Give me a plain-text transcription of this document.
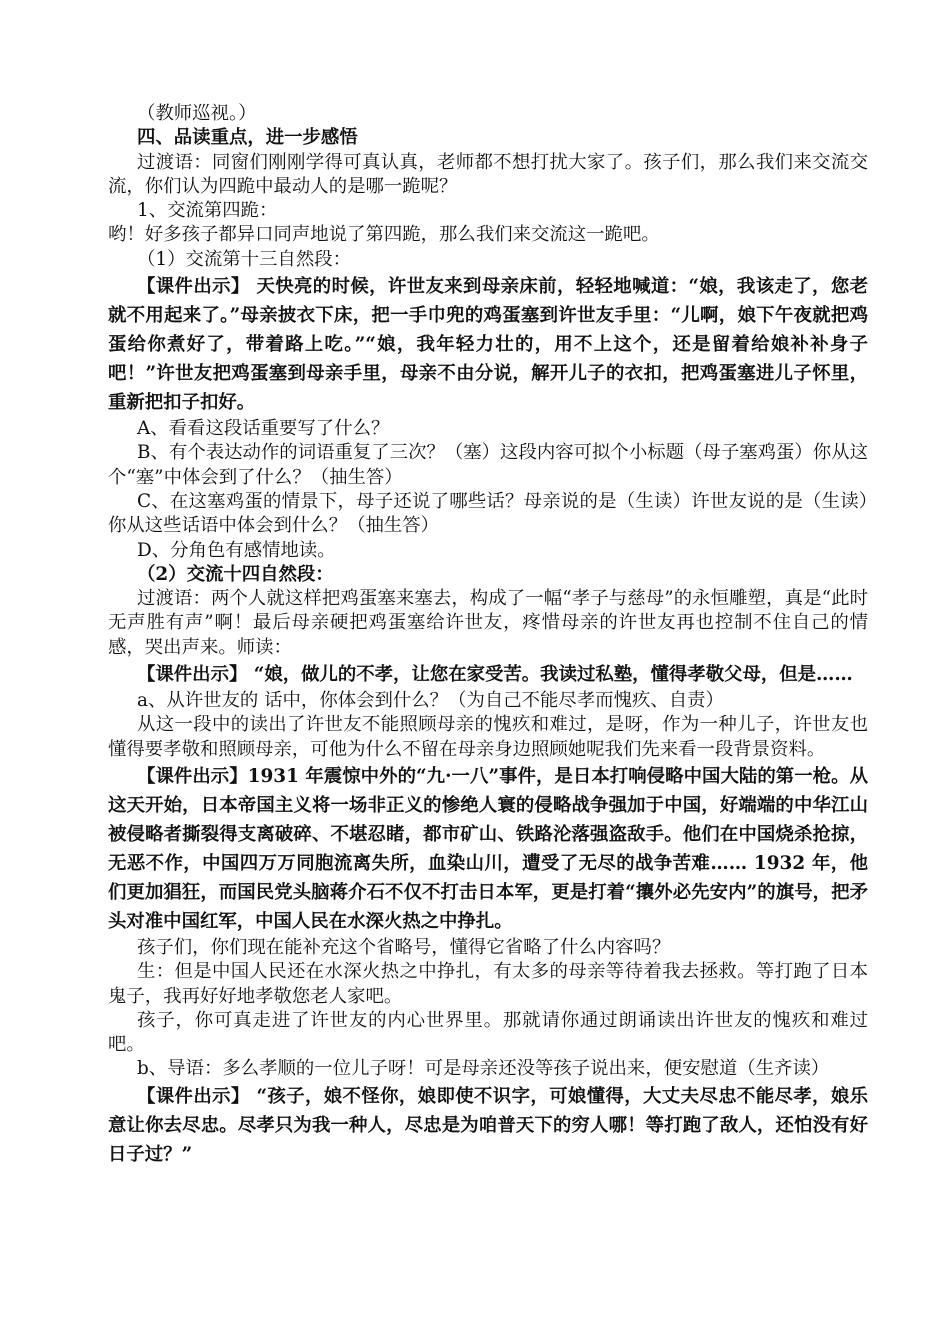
（教师巡视。）

四、品读重点，进一步感悟

过渡语：同窗们刚刚学得可真认真，老师都不想打扰大家了。孩子们，那么我们来交流交流，你们认为四跪中最动人的是哪一跪呢？

1、交流第四跪：

哟！好多孩子都异口同声地说了第四跪，那么我们来交流这一跪吧。

（1）交流第十三自然段：

【课件出示】 天快亮的时候，许世友来到母亲床前，轻轻地喊道：“娘，我该走了，您老就不用起来了。”母亲披衣下床，把一手巾兜的鸡蛋塞到许世友手里：“儿啊，娘下午夜就把鸡蛋给你煮好了，带着路上吃。”“娘，我年轻力壮的，用不上这个，还是留着给娘补补身子吧！”许世友把鸡蛋塞到母亲手里，母亲不由分说，解开儿子的衣扣，把鸡蛋塞进儿子怀里，重新把扣子扣好。

A、看看这段话重要写了什么？

B、有个表达动作的词语重复了三次？（塞）这段内容可拟个小标题（母子塞鸡蛋）你从这个“塞”中体会到了什么？（抽生答）

C、在这塞鸡蛋的情景下，母子还说了哪些话？母亲说的是（生读）许世友说的是（生读）你从这些话语中体会到什么？（抽生答）

D、分角色有感情地读。

（2）交流十四自然段：

过渡语：两个人就这样把鸡蛋塞来塞去，构成了一幅“孝子与慈母”的永恒雕塑，真是“此时无声胜有声”啊！最后母亲硬把鸡蛋塞给许世友，疼惜母亲的许世友再也控制不住自己的情感，哭出声来。师读：

【课件出示】 “娘，做儿的不孝，让您在家受苦。我读过私塾，懂得孝敬父母，但是……

a、从许世友的 话中，你体会到什么？（为自己不能尽孝而愧疚、自责）

从这一段中的读出了许世友不能照顾母亲的愧疚和难过，是呀，作为一种儿子，许世友也懂得要孝敬和照顾母亲，可他为什么不留在母亲身边照顾她呢我们先来看一段背景资料。

【课件出示】1931 年震惊中外的“九·一八”事件，是日本打响侵略中国大陆的第一枪。从这天开始，日本帝国主义将一场非正义的惨绝人寰的侵略战争强加于中国，好端端的中华江山被侵略者撕裂得支离破碎、不堪忍睹，都市矿山、铁路沦落强盗敌手。他们在中国烧杀抢掠，无恶不作，中国四万万同胞流离失所，血染山川，遭受了无尽的战争苦难…… 1932 年，他们更加猖狂，而国民党头脑蒋介石不仅不打击日本军，更是打着“攘外必先安内”的旗号，把矛头对准中国红军，中国人民在水深火热之中挣扎。

孩子们，你们现在能补充这个省略号，懂得它省略了什么内容吗？

生：但是中国人民还在水深火热之中挣扎，有太多的母亲等待着我去拯救。等打跑了日本鬼子，我再好好地孝敬您老人家吧。

孩子，你可真走进了许世友的内心世界里。那就请你通过朗诵读出许世友的愧疚和难过吧。

b、导语：多么孝顺的一位儿子呀！可是母亲还没等孩子说出来，便安慰道（生齐读）

【课件出示】 “孩子，娘不怪你，娘即使不识字，可娘懂得，大丈夫尽忠不能尽孝，娘乐意让你去尽忠。尽孝只为我一种人，尽忠是为咱普天下的穷人哪！等打跑了敌人，还怕没有好日子过？”
